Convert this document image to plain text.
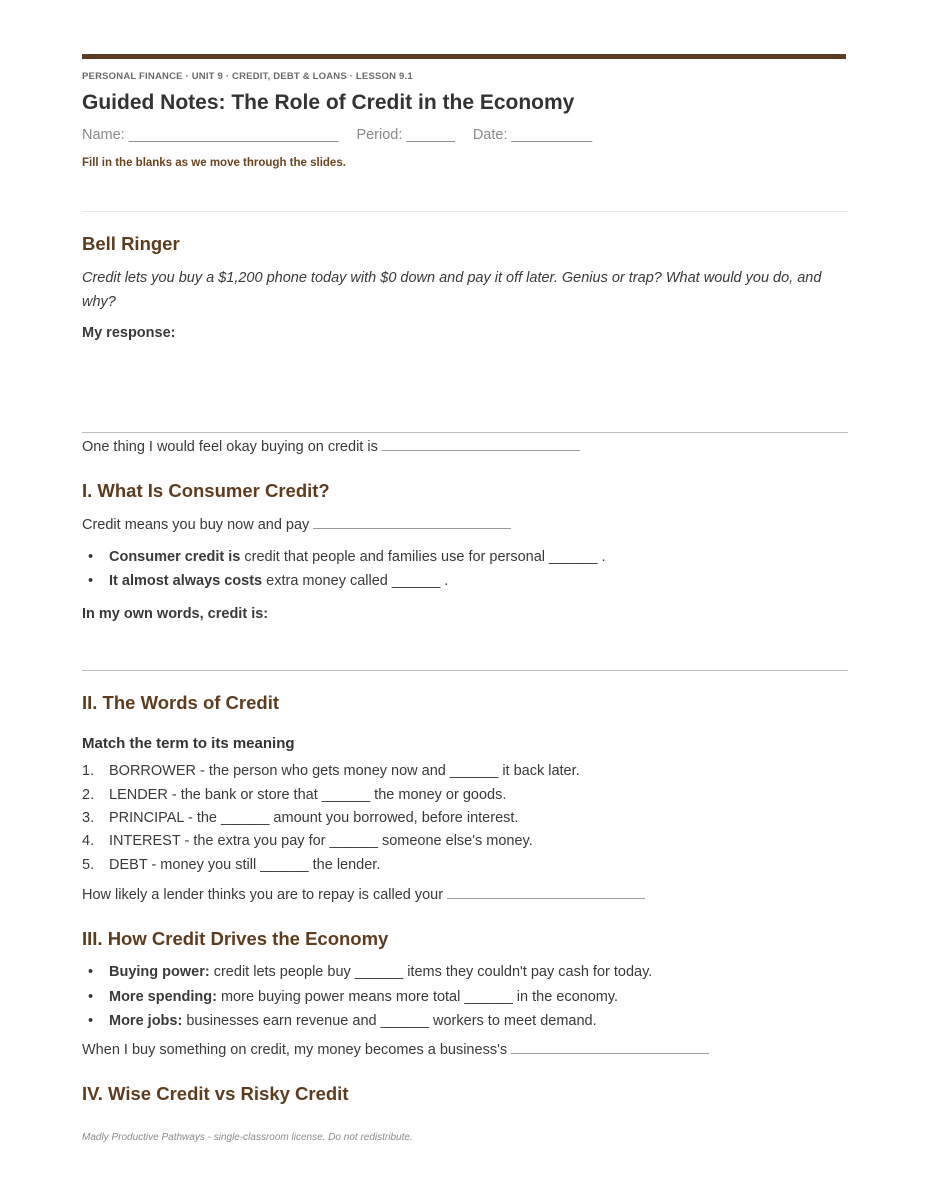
PERSONAL FINANCE · UNIT 9 · CREDIT, DEBT & LOANS · LESSON 9.1
Guided Notes: The Role of Credit in the Economy
Name: __________________________ Period: ______ Date: __________
Fill in the blanks as we move through the slides.
Bell Ringer
Credit lets you buy a $1,200 phone today with $0 down and pay it off later. Genius or trap? What would you do, and why?
My response:
One thing I would feel okay buying on credit is
I. What Is Consumer Credit?
Credit means you buy now and pay
• Consumer credit is credit that people and families use for personal ______ .
• It almost always costs extra money called ______ .
In my own words, credit is:
II. The Words of Credit
Match the term to its meaning
1. BORROWER - the person who gets money now and ______ it back later.
2. LENDER - the bank or store that ______ the money or goods.
3. PRINCIPAL - the ______ amount you borrowed, before interest.
4. INTEREST - the extra you pay for ______ someone else's money.
5. DEBT - money you still ______ the lender.
How likely a lender thinks you are to repay is called your
III. How Credit Drives the Economy
• Buying power: credit lets people buy ______ items they couldn't pay cash for today.
• More spending: more buying power means more total ______ in the economy.
• More jobs: businesses earn revenue and ______ workers to meet demand.
When I buy something on credit, my money becomes a business's
IV. Wise Credit vs Risky Credit
Madly Productive Pathways - single-classroom license. Do not redistribute.
